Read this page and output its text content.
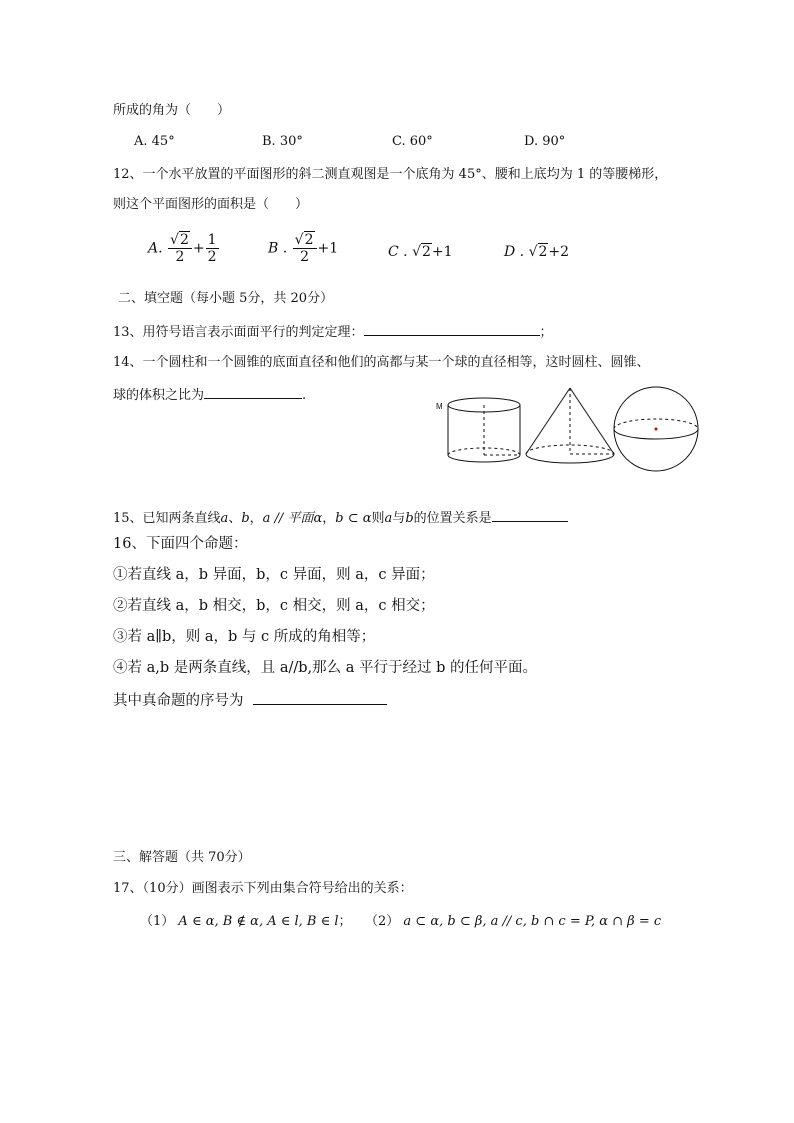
所成的角为（　　）
A. 45°	B. 30°	C. 60°	D. 90°
12、一个水平放置的平面图形的斜二测直观图是一个底角为 45°、腰和上底均为 1 的等腰梯形，
则这个平面图形的面积是（　　）
A. $\frac{√2}{2} + \frac{1}{2}$	B . $\frac{√2}{2} +1$	C . √2+1	D . √2+2
二、填空题（每小题 5分，共 20分）
13、用符号语言表示面面平行的判定定理：	；
14、一个圆柱和一个圆锥的底面直径和他们的高都与某一个球的直径相等，这时圆柱、圆锥、
球的体积之比为	.
M
15、已知两条直线a、b，a // 平面α，b ⊂ α则a与b的位置关系是
16、下面四个命题：
①若直线 a，b 异面，b，c 异面，则 a，c 异面；
②若直线 a，b 相交，b，c 相交，则 a，c 相交；
③若 a∥b，则 a，b 与 c 所成的角相等；
④若 a,b 是两条直线，且 a//b,那么 a 平行于经过 b 的任何平面。
其中真命题的序号为
三、解答题（共 70分）
17、（10分）画图表示下列由集合符号给出的关系：
（1） A ∈ α, B ∉ α, A ∈ l, B ∈ l； （2） a ⊂ α, b ⊂ β, a // c, b ∩ c = P, α ∩ β = c
